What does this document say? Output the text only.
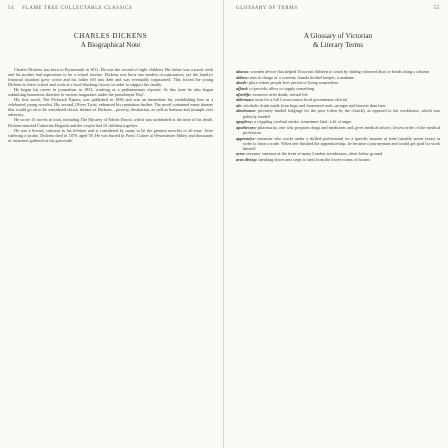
54	FLAME TREE COLLECTABLE CLASSICS
CHARLES DICKENS
A Biographical Note

Charles Dickens was born in Portsmouth in 1812. He was the second of eight children. His father was a naval clerk and his mother had aspirations to be a school teacher. Dickens was born into modest circumstances, yet the family's financial situation grew worse and his father fell into debt and was eventually imprisoned. This forced the young Dickens to leave school and work at a boot-blacking factory in order to support the family.

He began his career in journalism in 1833, working as a parliamentary reporter. At this time he also began submitting humorous sketches to various magazines under the pseudonym 'Boz'.

His first novel, The Pickwick Papers, was published in 1836 and was an immediate hit, establishing him as a celebrated young novelist. His second, Oliver Twist, enhanced his reputation further. The novel contained many themes that would go on to be considered classic themes of Dickens – poverty, destitution, as well as humour and triumph over adversity.

He wrote 15 novels in total, including The Mystery of Edwin Drood, which was unfinished at the time of his death. Dickens married Catherine Hogarth and the couple had 10 children together.

He was a literary colossus in his lifetime and is considered by many to be the greatest novelist of all time. After suffering a stroke, Dickens died in 1870, aged 58. He was buried in Poets' Corner at Westminster Abbey and thousands of mourners gathered at his graveside.

GLOSSARY OF TERMS	55
A Glossary of Victorian
& Literary Terms

abacus: wooden device that helped Victorian children to count by sliding coloured discs or beads along a column

abbess: nun in charge of a convent; female brothel keeper; a madame

abode: place where people live; period of living somewhere

afford: to provide; allow or supply something

afterlife: existence after death; eternal life

alderman: term for a full Crown senior local government official

ale: alcoholic drink made from hops and fermented malt, stronger and heavier than beer

almshouse: privately funded lodgings for the poor (often by the church), as opposed to the workhouse, which was publicly funded

apoplexy: a crippling cerebral stroke, sometimes fatal; a fit of anger

apothecary: pharmacist; one who prepares drugs and medicines and gives medical advice, lowest order of the medical profession

apprentice: someone who works under a skilled professional for a specific amount of time (usually seven years) in order to learn a trade. When one finished the apprenticeship, he became a journeyman and would get paid for work himself

area: servants' entrance at the front of many London townhouses, often below ground

area diving: sneaking down area steps to steal from the lower rooms of houses
